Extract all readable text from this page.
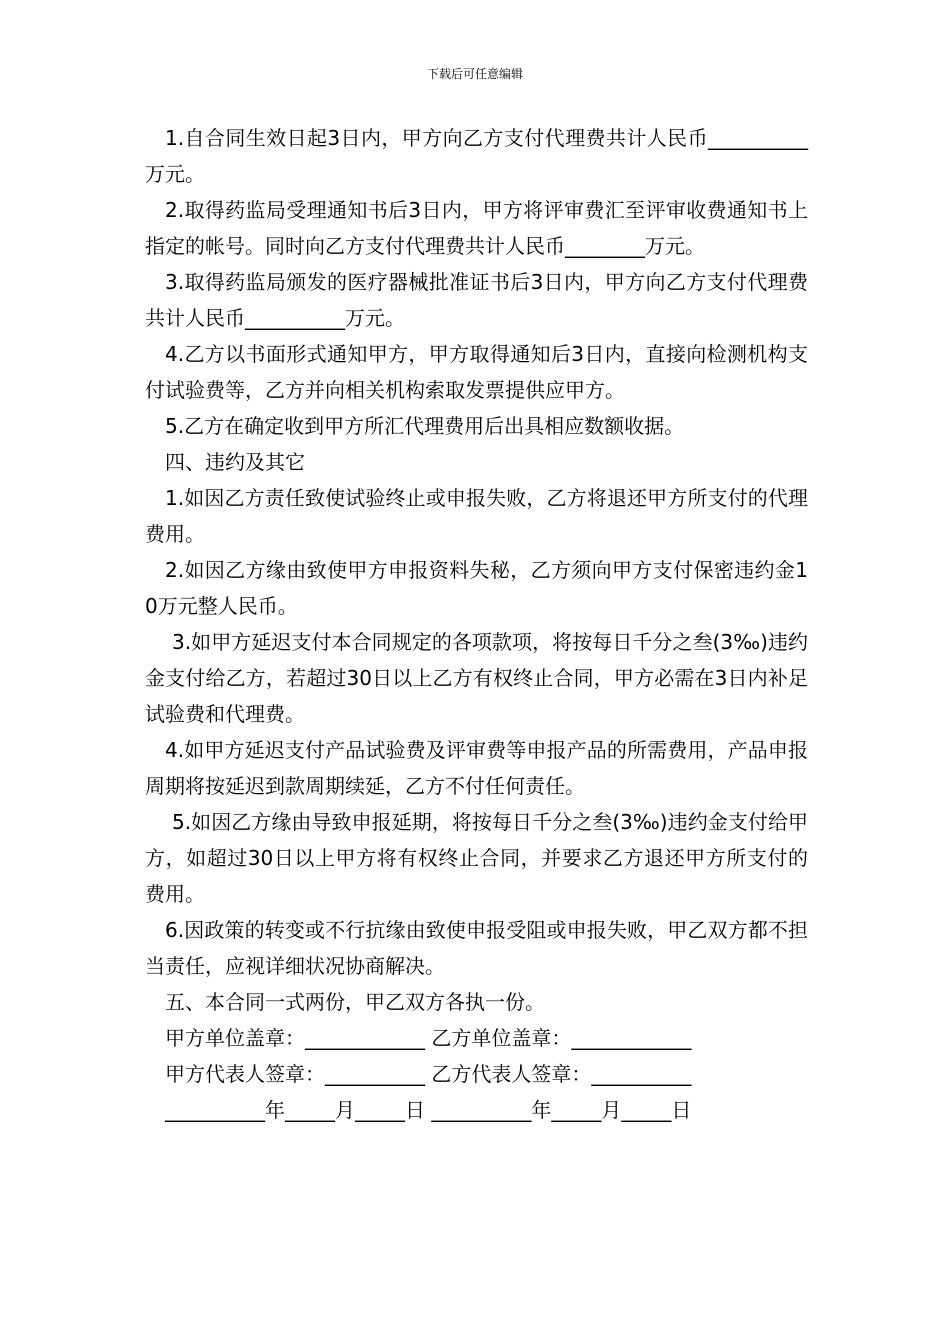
下载后可任意编辑

1.自合同生效日起3日内，甲方向乙方支付代理费共计人民币__________万元。

2.取得药监局受理通知书后3日内，甲方将评审费汇至评审收费通知书上指定的帐号。同时向乙方支付代理费共计人民币________万元。

3.取得药监局颁发的医疗器械批准证书后3日内，甲方向乙方支付代理费共计人民币__________万元。

4.乙方以书面形式通知甲方，甲方取得通知后3日内，直接向检测机构支付试验费等，乙方并向相关机构索取发票提供应甲方。

5.乙方在确定收到甲方所汇代理费用后出具相应数额收据。

四、违约及其它

1.如因乙方责任致使试验终止或申报失败，乙方将退还甲方所支付的代理费用。

2.如因乙方缘由致使甲方申报资料失秘，乙方须向甲方支付保密违约金10万元整人民币。

3.如甲方延迟支付本合同规定的各项款项，将按每日千分之叁(3‰)违约金支付给乙方，若超过30日以上乙方有权终止合同，甲方必需在3日内补足试验费和代理费。

4.如甲方延迟支付产品试验费及评审费等申报产品的所需费用，产品申报周期将按延迟到款周期续延，乙方不付任何责任。

5.如因乙方缘由导致申报延期，将按每日千分之叁(3‰)违约金支付给甲方，如超过30日以上甲方将有权终止合同，并要求乙方退还甲方所支付的费用。

6.因政策的转变或不行抗缘由致使申报受阻或申报失败，甲乙双方都不担当责任，应视详细状况协商解决。

五、本合同一式两份，甲乙双方各执一份。

甲方单位盖章：____________ 乙方单位盖章：____________

甲方代表人签章：__________ 乙方代表人签章：__________

__________年_____月_____日 __________年_____月_____日
